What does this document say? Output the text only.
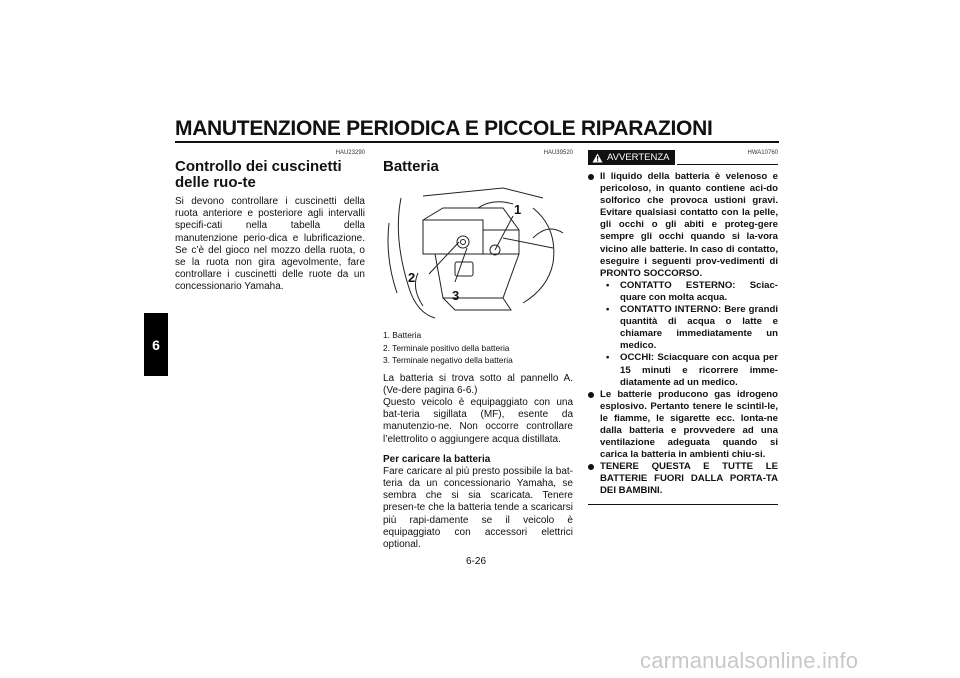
MANUTENZIONE PERIODICA E PICCOLE RIPARAZIONI
6
HAU23290
Controllo dei cuscinetti delle ruo-te

Si devono controllare i cuscinetti della ruota anteriore e posteriore agli intervalli specifi-cati nella tabella della manutenzione perio-dica e lubrificazione. Se c’è del gioco nel mozzo della ruota, o se la ruota non gira agevolmente, fare controllare i cuscinetti delle ruote da un concessionario Yamaha.

HAU39520
Batteria
1
2
3
1. Batteria
2. Terminale positivo della batteria
3. Terminale negativo della batteria

La batteria si trova sotto al pannello A. (Ve-dere pagina 6-6.)

Questo veicolo è equipaggiato con una bat-teria sigillata (MF), esente da manutenzio-ne. Non occorre controllare l’elettrolito o aggiungere acqua distillata.

Per caricare la batteria

Fare caricare al più presto possibile la bat-teria da un concessionario Yamaha, se sembra che si sia scaricata. Tenere presen-te che la batteria tende a scaricarsi più rapi-damente se il veicolo è equipaggiato con accessori elettrici optional.

HWA10760
AVVERTENZA
Il liquido della batteria è velenoso e pericoloso, in quanto contiene aci-do solforico che provoca ustioni gravi. Evitare qualsiasi contatto con la pelle, gli occhi o gli abiti e proteg-gere sempre gli occhi quando si la-vora vicino alle batterie. In caso di contatto, eseguire i seguenti prov-vedimenti di PRONTO SOCCORSO.
• CONTATTO ESTERNO: Sciac-quare con molta acqua.
• CONTATTO INTERNO: Bere grandi quantità di acqua o latte e chiamare immediatamente un medico.
• OCCHI: Sciacquare con acqua per 15 minuti e ricorrere imme-diatamente ad un medico.
Le batterie producono gas idrogeno esplosivo. Pertanto tenere le scintil-le, le fiamme, le sigarette ecc. lonta-ne dalla batteria e provvedere ad una ventilazione adeguata quando si carica la batteria in ambienti chiu-si.
TENERE QUESTA E TUTTE LE BATTERIE FUORI DALLA PORTA-TA DEI BAMBINI.
6-26
carmanualsonline.info
